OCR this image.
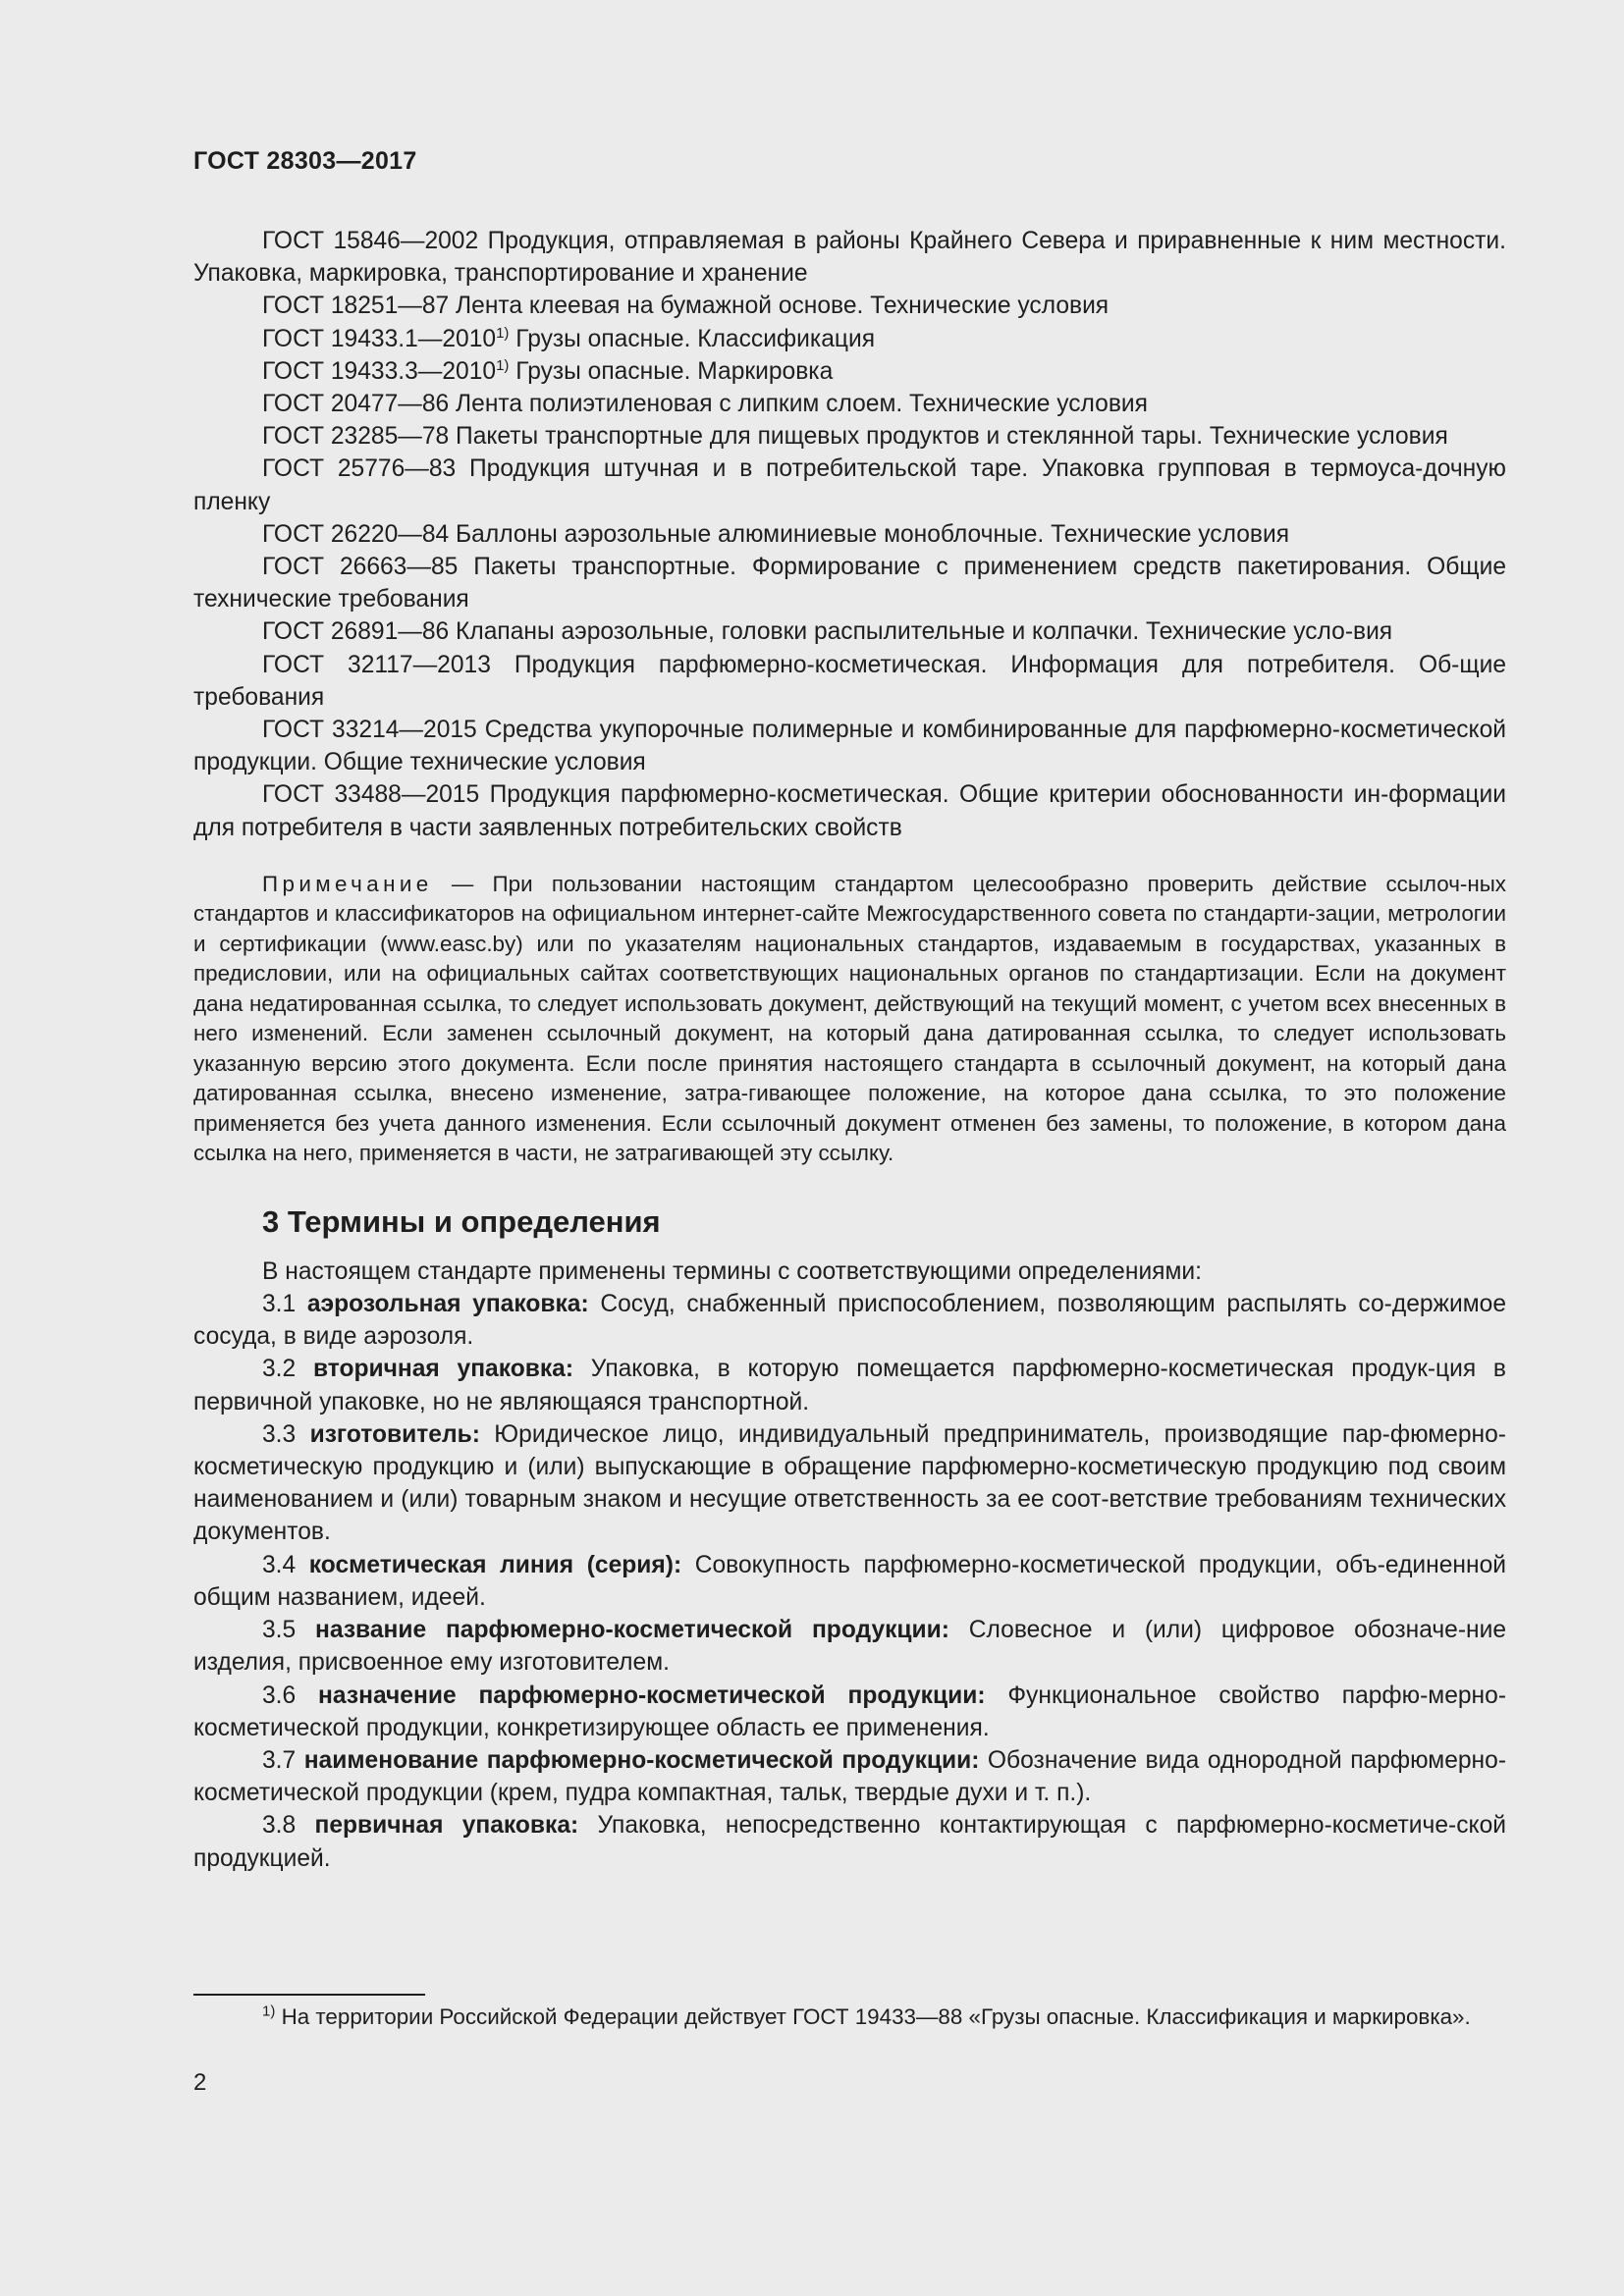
ГОСТ 28303—2017

ГОСТ 15846—2002 Продукция, отправляемая в районы Крайнего Севера и приравненные к ним местности. Упаковка, маркировка, транспортирование и хранение

ГОСТ 18251—87 Лента клеевая на бумажной основе. Технические условия

ГОСТ 19433.1—2010$^{1)}$ Грузы опасные. Классификация

ГОСТ 19433.3—2010$^{1)}$ Грузы опасные. Маркировка

ГОСТ 20477—86 Лента полиэтиленовая с липким слоем. Технические условия

ГОСТ 23285—78 Пакеты транспортные для пищевых продуктов и стеклянной тары. Технические условия

ГОСТ 25776—83 Продукция штучная и в потребительской таре. Упаковка групповая в термоуса-дочную пленку

ГОСТ 26220—84 Баллоны аэрозольные алюминиевые моноблочные. Технические условия

ГОСТ 26663—85 Пакеты транспортные. Формирование с применением средств пакетирования. Общие технические требования

ГОСТ 26891—86 Клапаны аэрозольные, головки распылительные и колпачки. Технические усло-вия

ГОСТ 32117—2013 Продукция парфюмерно-косметическая. Информация для потребителя. Об-щие требования

ГОСТ 33214—2015 Средства укупорочные полимерные и комбинированные для парфюмерно-косметической продукции. Общие технические условия

ГОСТ 33488—2015 Продукция парфюмерно-косметическая. Общие критерии обоснованности ин-формации для потребителя в части заявленных потребительских свойств

Примечание — При пользовании настоящим стандартом целесообразно проверить действие ссылоч-ных стандартов и классификаторов на официальном интернет-сайте Межгосударственного совета по стандарти-зации, метрологии и сертификации (www.easc.by) или по указателям национальных стандартов, издаваемым в государствах, указанных в предисловии, или на официальных сайтах соответствующих национальных органов по стандартизации. Если на документ дана недатированная ссылка, то следует использовать документ, действующий на текущий момент, с учетом всех внесенных в него изменений. Если заменен ссылочный документ, на который дана датированная ссылка, то следует использовать указанную версию этого документа. Если после принятия настоящего стандарта в ссылочный документ, на который дана датированная ссылка, внесено изменение, затра-гивающее положение, на которое дана ссылка, то это положение применяется без учета данного изменения. Если ссылочный документ отменен без замены, то положение, в котором дана ссылка на него, применяется в части, не затрагивающей эту ссылку.

3 Термины и определения

В настоящем стандарте применены термины с соответствующими определениями:

3.1 аэрозольная упаковка: Сосуд, снабженный приспособлением, позволяющим распылять со-держимое сосуда, в виде аэрозоля.

3.2 вторичная упаковка: Упаковка, в которую помещается парфюмерно-косметическая продук-ция в первичной упаковке, но не являющаяся транспортной.

3.3 изготовитель: Юридическое лицо, индивидуальный предприниматель, производящие пар-фюмерно-косметическую продукцию и (или) выпускающие в обращение парфюмерно-косметическую продукцию под своим наименованием и (или) товарным знаком и несущие ответственность за ее соот-ветствие требованиям технических документов.

3.4 косметическая линия (серия): Совокупность парфюмерно-косметической продукции, объ-единенной общим названием, идеей.

3.5 название парфюмерно-косметической продукции: Словесное и (или) цифровое обозначе-ние изделия, присвоенное ему изготовителем.

3.6 назначение парфюмерно-косметической продукции: Функциональное свойство парфю-мерно-косметической продукции, конкретизирующее область ее применения.

3.7 наименование парфюмерно-косметической продукции: Обозначение вида однородной парфюмерно-косметической продукции (крем, пудра компактная, тальк, твердые духи и т. п.).

3.8 первичная упаковка: Упаковка, непосредственно контактирующая с парфюмерно-косметиче-ской продукцией.

$^{1)}$ На территории Российской Федерации действует ГОСТ 19433—88 «Грузы опасные. Классификация и маркировка».

2
